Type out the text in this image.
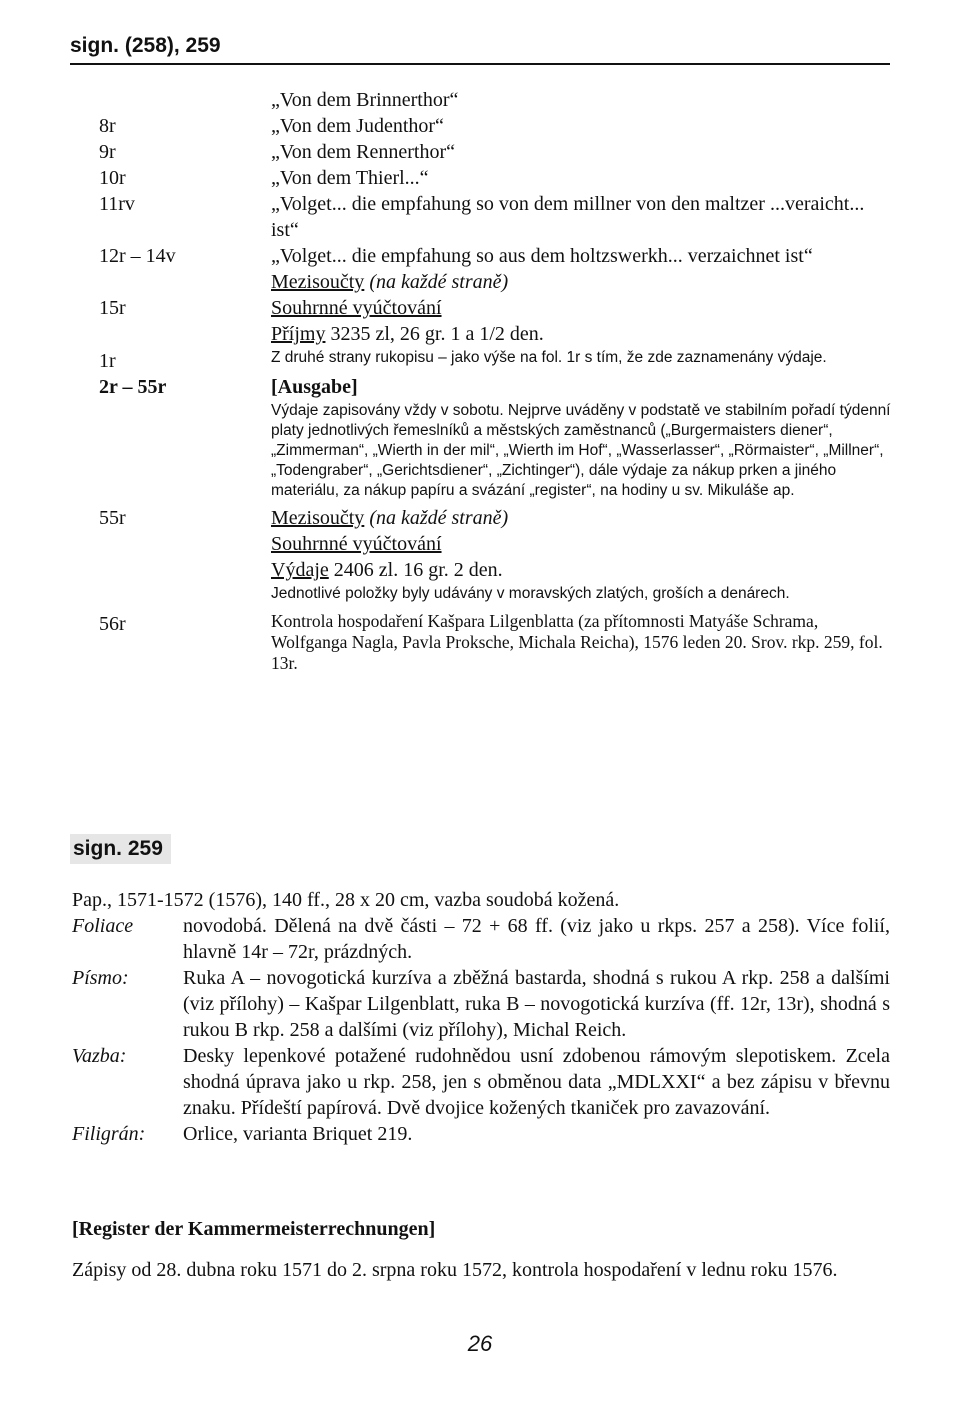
sign. (258), 259
„Von dem Brinnerthor“
8r	„Von dem Judenthor“
9r	„Von dem Rennerthor“
10r	„Von dem Thierl...“
11rv	„Volget... die empfahung so von dem millner von den maltzer ...veraicht... ist“
12r – 14v	„Volget... die empfahung so aus dem holtzswerkh... verzaichnet ist“
Mezisoučty (na každé straně)
15r	Souhrnné vyúčtování
Příjmy 3235 zl, 26 gr. 1 a 1/2 den.
1r	Z druhé strany rukopisu – jako výše na fol. 1r s tím, že zde zaznamenány výdaje.
2r – 55r	[Ausgabe]
Výdaje zapisovány vždy v sobotu. Nejprve uváděny v podstatě ve stabilním pořadí týdenní platy jednotlivých řemeslníků a městských zaměstnanců („Burgermaisters diener“, „Zimmerman“, „Wierth in der mil“, „Wierth im Hof“, „Wasserlasser“, „Rörmaister“, „Millner“, „Todengraber“, „Gerichtsdiener“, „Zichtinger“), dále výdaje za nákup prken a jiného materiálu, za nákup papíru a svázání „register“, na hodiny u sv. Mikuláše ap.
55r	Mezisoučty (na každé straně)
Souhrnné vyúčtování
Výdaje 2406 zl. 16 gr. 2 den.
Jednotlivé položky byly udávány v moravských zlatých, groších a denárech.
56r	Kontrola hospodaření Kašpara Lilgenblatta (za přítomnosti Matyáše Schrama, Wolfganga Nagla, Pavla Proksche, Michala Reicha), 1576 leden 20. Srov. rkp. 259, fol. 13r.
sign. 259

Pap., 1571-1572 (1576), 140 ff., 28 x 20 cm, vazba soudobá kožená.

Foliace novodobá. Dělená na dvě části – 72 + 68 ff. (viz jako u rkps. 257 a 258). Více folií, hlavně 14r – 72r, prázdných.
Písmo:	Ruka A – novogotická kurzíva a zběžná bastarda, shodná s rukou A rkp. 258 a dalšími (viz přílohy) – Kašpar Lilgenblatt, ruka B – novogotická kurzíva (ff. 12r, 13r), shodná s rukou B rkp. 258 a dalšími (viz přílohy), Michal Reich.
Vazba:	Desky lepenkové potažené rudohnědou usní zdobenou rámovým slepotiskem. Zcela shodná úprava jako u rkp. 258, jen s obměnou data „MDLXXI“ a bez zápisu v břevnu znaku. Přídeští papírová. Dvě dvojice kožených tkaniček pro zavazování.
Filigrán: Orlice, varianta Briquet 219.
[Register der Kammermeisterrechnungen]
Zápisy od 28. dubna roku 1571 do 2. srpna roku 1572, kontrola hospodaření v lednu roku 1576.
26
